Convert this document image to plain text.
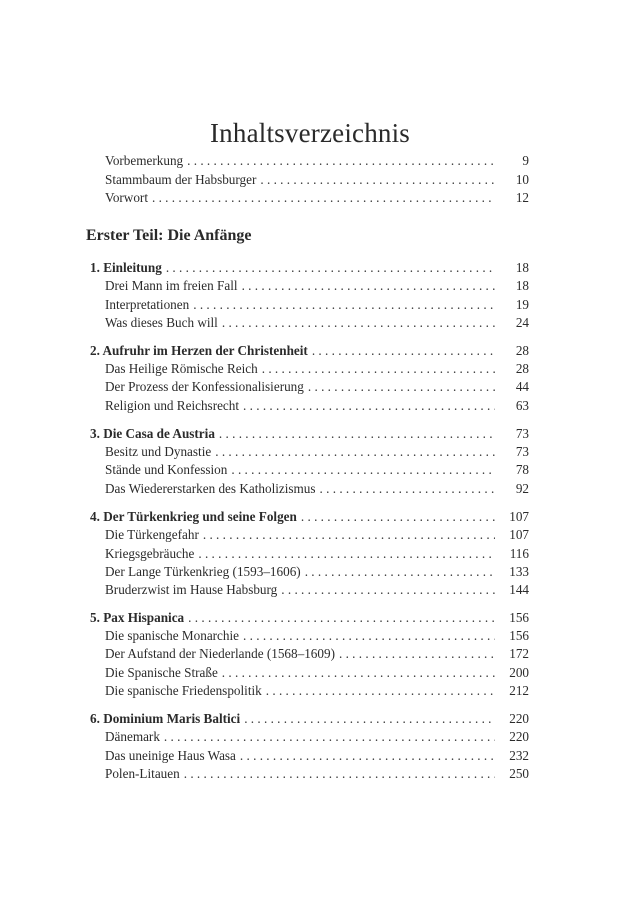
Inhaltsverzeichnis
Vorbemerkung . . .	9
Stammbaum der Habsburger . . .	10
Vorwort . . .	12
Erster Teil: Die Anfänge
1. Einleitung . . .	18
Drei Mann im freien Fall . . .	18
Interpretationen . . .	19
Was dieses Buch will . . .	24
2. Aufruhr im Herzen der Christenheit . . .	28
Das Heilige Römische Reich . . .	28
Der Prozess der Konfessionalisierung . . .	44
Religion und Reichsrecht . . .	63
3. Die Casa de Austria . . .	73
Besitz und Dynastie . . .	73
Stände und Konfession . . .	78
Das Wiedererstarken des Katholizismus . . .	92
4. Der Türkenkrieg und seine Folgen . . .	107
Die Türkengefahr . . .	107
Kriegsgebräuche . . .	116
Der Lange Türkenkrieg (1593–1606) . . .	133
Bruderzwist im Hause Habsburg . . .	144
5. Pax Hispanica . . .	156
Die spanische Monarchie . . .	156
Der Aufstand der Niederlande (1568–1609) . . .	172
Die Spanische Straße . . .	200
Die spanische Friedenspolitik . . .	212
6. Dominium Maris Baltici . . .	220
Dänemark . . .	220
Das uneinige Haus Wasa . . .	232
Polen-Litauen . . .	250
